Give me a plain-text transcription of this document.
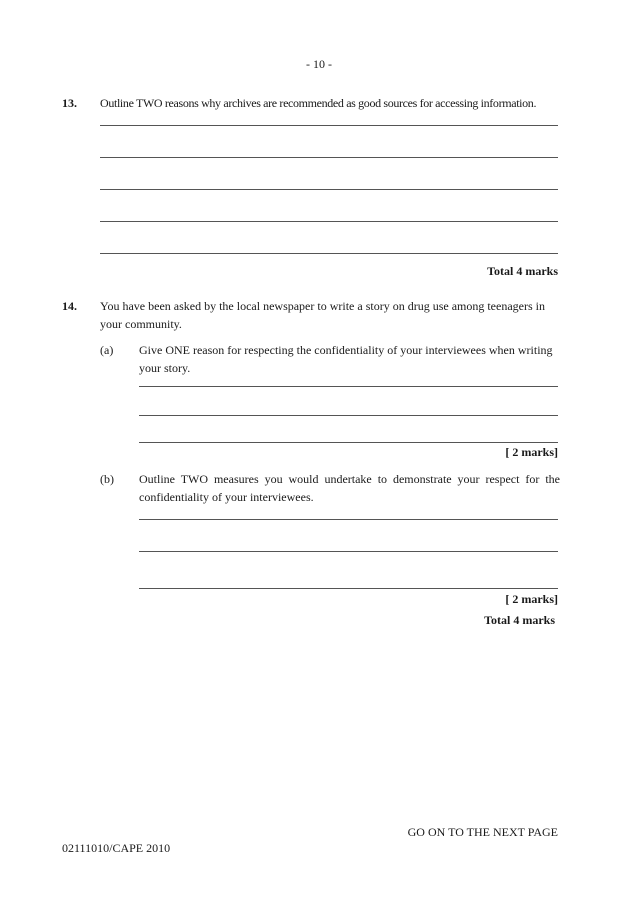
- 10 -
13. Outline TWO reasons why archives are recommended as good sources for accessing information.
Total 4 marks
14. You have been asked by the local newspaper to write a story on drug use among teenagers in your community.
(a) Give ONE reason for respecting the confidentiality of your interviewees when writing your story.
[ 2 marks]
(b) Outline TWO measures you would undertake to demonstrate your respect for the confidentiality of your interviewees.
[ 2 marks]
Total 4 marks
GO ON TO THE NEXT PAGE
02111010/CAPE 2010
